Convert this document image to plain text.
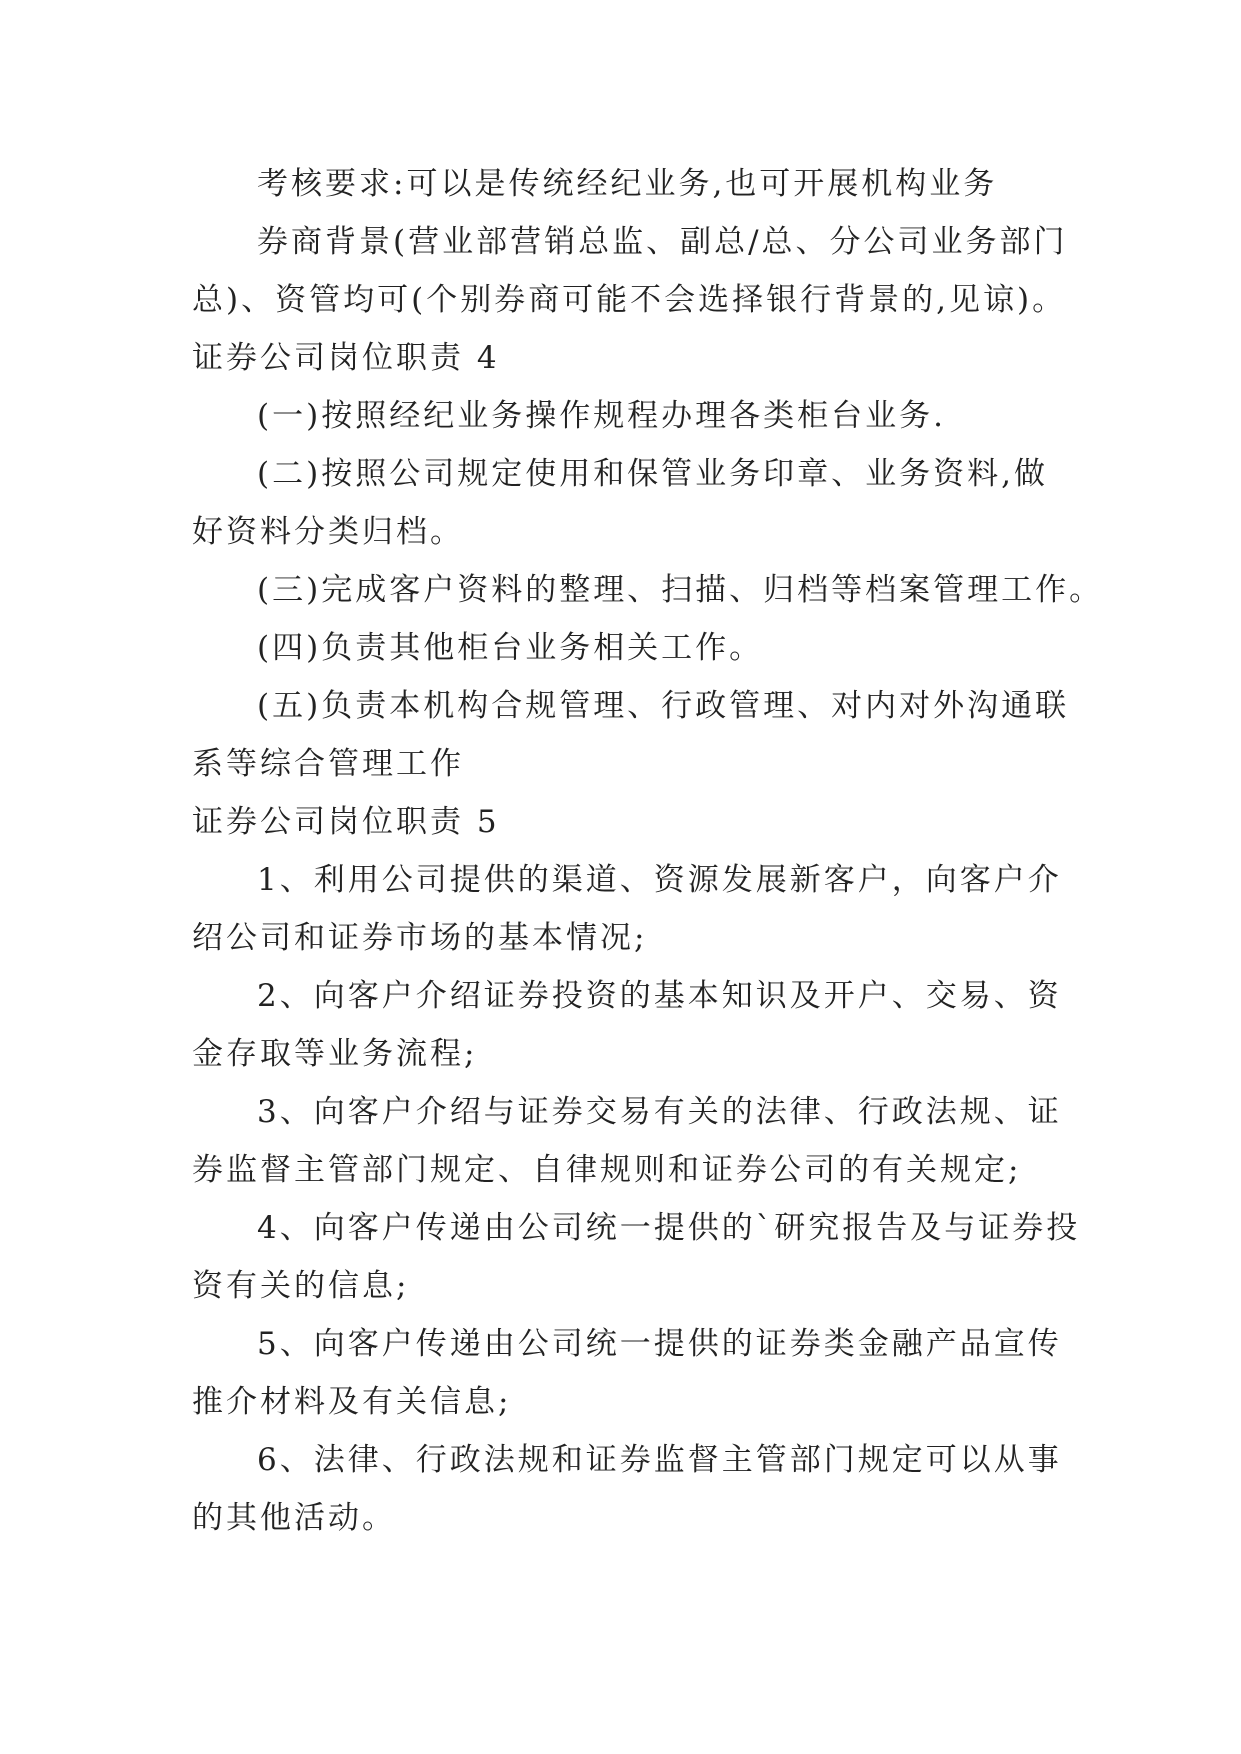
考核要求:可以是传统经纪业务,也可开展机构业务
券商背景(营业部营销总监、副总/总、分公司业务部门
总)、资管均可(个别券商可能不会选择银行背景的,见谅)。
证券公司岗位职责 4
(一)按照经纪业务操作规程办理各类柜台业务.
(二)按照公司规定使用和保管业务印章、业务资料,做
好资料分类归档。
(三)完成客户资料的整理、扫描、归档等档案管理工作。
(四)负责其他柜台业务相关工作。
(五)负责本机构合规管理、行政管理、对内对外沟通联
系等综合管理工作
证券公司岗位职责 5
1、利用公司提供的渠道、资源发展新客户，向客户介
绍公司和证券市场的基本情况;
2、向客户介绍证券投资的基本知识及开户、交易、资
金存取等业务流程;
3、向客户介绍与证券交易有关的法律、行政法规、证
券监督主管部门规定、自律规则和证券公司的有关规定;
4、向客户传递由公司统一提供的`研究报告及与证券投
资有关的信息;
5、向客户传递由公司统一提供的证券类金融产品宣传
推介材料及有关信息;
6、法律、行政法规和证券监督主管部门规定可以从事
的其他活动。
